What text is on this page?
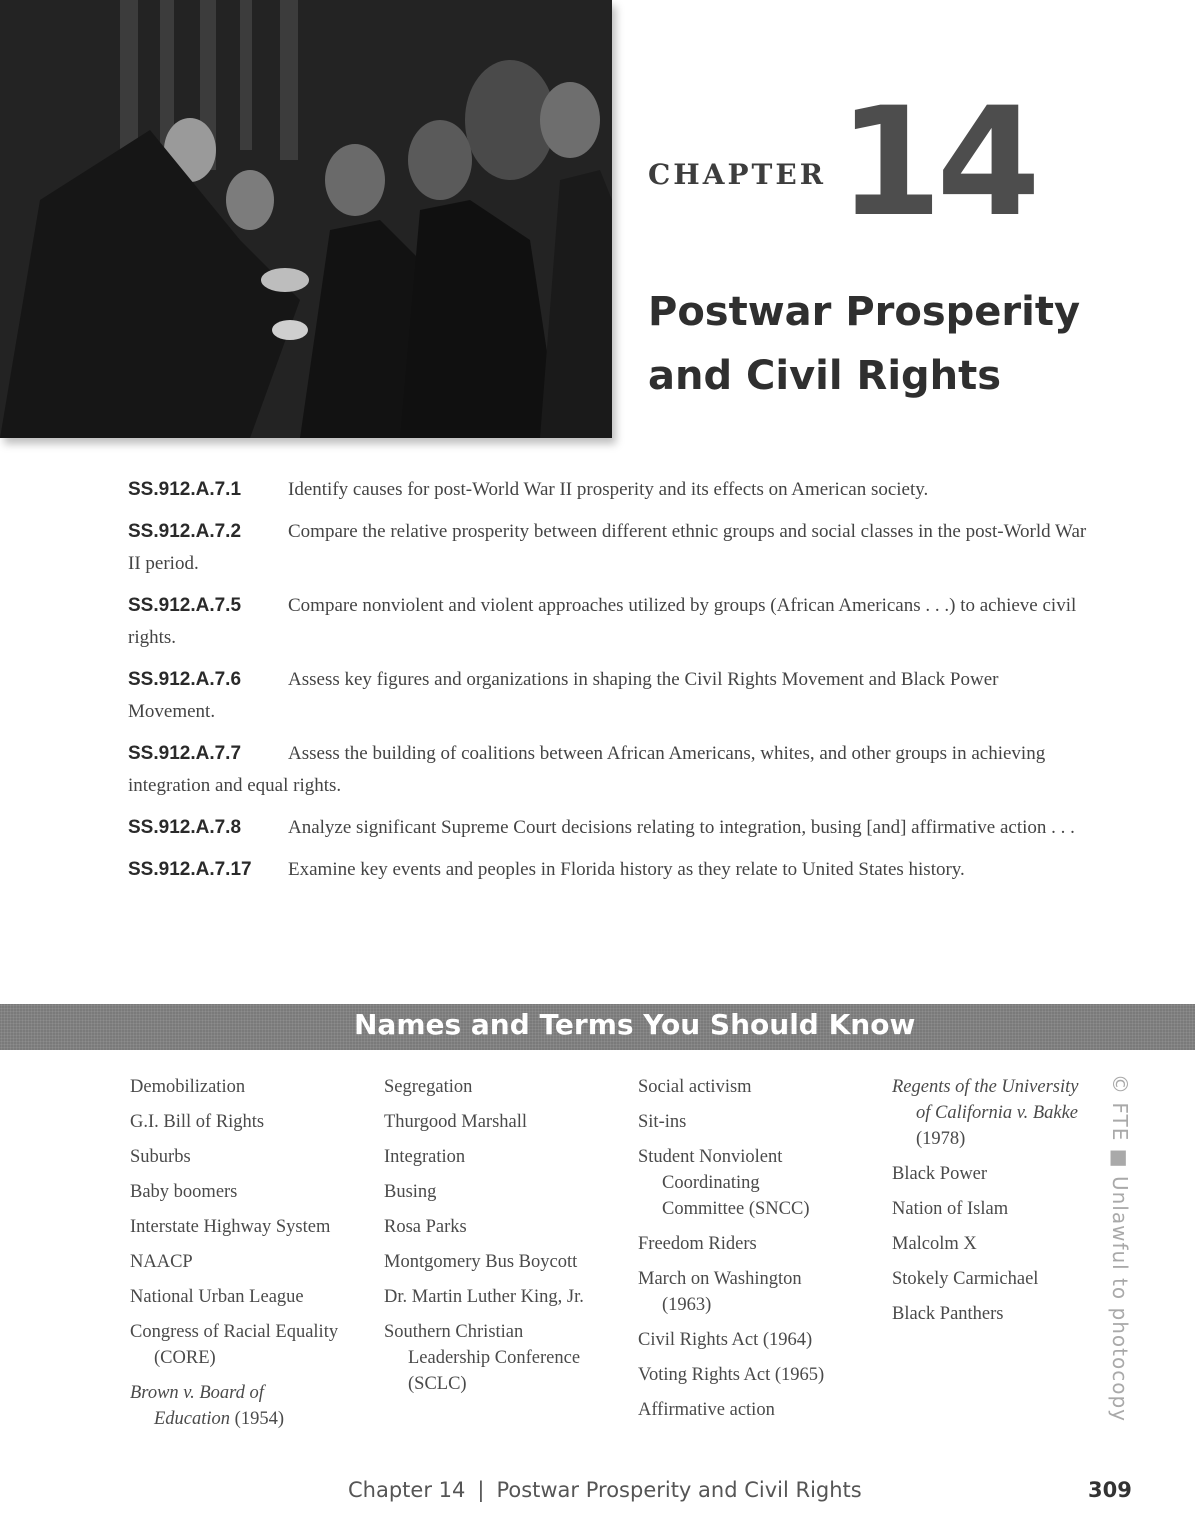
CHAPTER 14
Postwar Prosperity
and Civil Rights
SS.912.A.7.1 Identify causes for post-World War II prosperity and its effects on American society.
SS.912.A.7.2 Compare the relative prosperity between different ethnic groups and social classes in the post-World War II period.
SS.912.A.7.5 Compare nonviolent and violent approaches utilized by groups (African Americans . . .) to achieve civil rights.
SS.912.A.7.6 Assess key figures and organizations in shaping the Civil Rights Movement and Black Power Movement.
SS.912.A.7.7 Assess the building of coalitions between African Americans, whites, and other groups in achieving integration and equal rights.
SS.912.A.7.8 Analyze significant Supreme Court decisions relating to integration, busing [and] affirmative action . . .
SS.912.A.7.17 Examine key events and peoples in Florida history as they relate to United States history.
Names and Terms You Should Know
Demobilization
G.I. Bill of Rights
Suburbs
Baby boomers
Interstate Highway System
NAACP
National Urban League
Congress of Racial Equality
(CORE)
Brown v. Board of
Education (1954)
Segregation
Thurgood Marshall
Integration
Busing
Rosa Parks
Montgomery Bus Boycott
Dr. Martin Luther King, Jr.
Southern Christian
Leadership Conference
(SCLC)
Social activism
Sit-ins
Student Nonviolent
Coordinating
Committee (SNCC)
Freedom Riders
March on Washington
(1963)
Civil Rights Act (1964)
Voting Rights Act (1965)
Affirmative action
Regents of the University
of California v. Bakke
(1978)
Black Power
Nation of Islam
Malcolm X
Stokely Carmichael
Black Panthers	© FTE ■ Unlawful to photocopy
Chapter 14 | Postwar Prosperity and Civil Rights	309
